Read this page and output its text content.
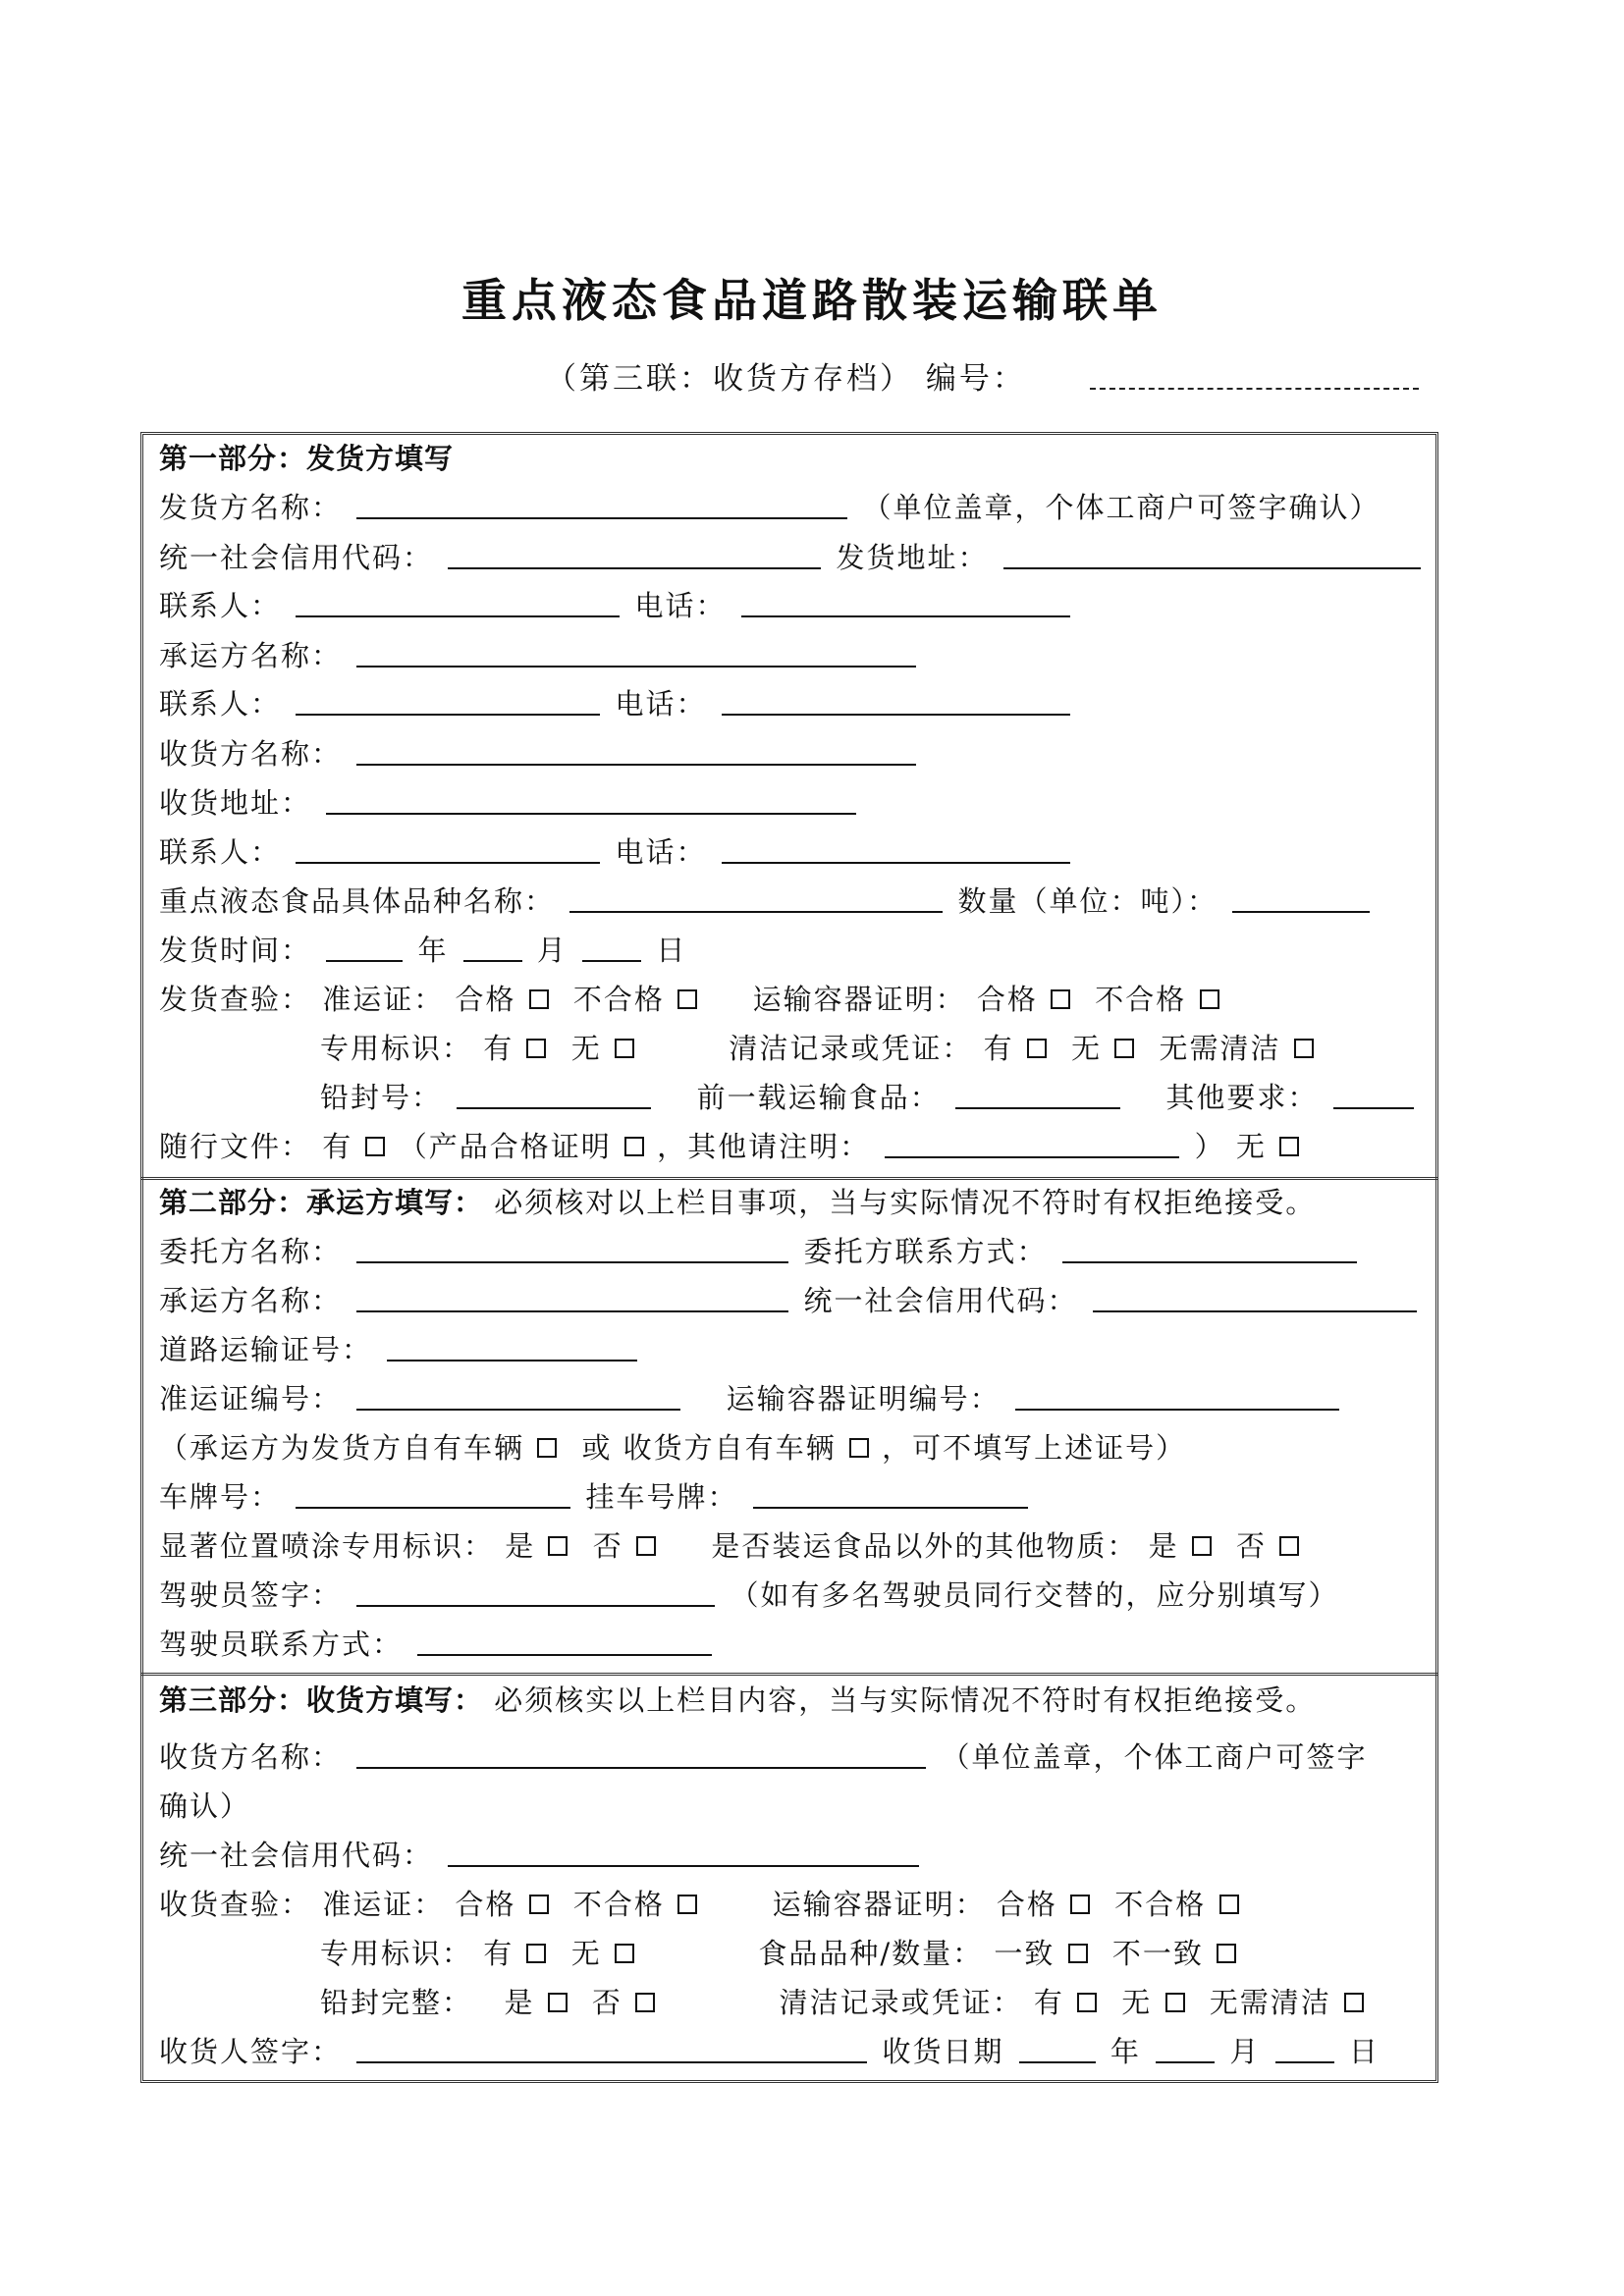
重点液态食品道路散装运输联单
（第三联：收货方存档） 编号：
第一部分：发货方填写
发货方名称：	（单位盖章，个体工商户可签字确认）
统一社会信用代码：	发货地址：
联系人：	电话：
承运方名称：
联系人：	电话：
收货方名称：
收货地址：
联系人：	电话：
重点液态食品具体品种名称：	数量（单位：吨）：
发货时间：	年	月	日
发货查验： 准运证： 合格 不合格	运输容器证明： 合格 不合格
专用标识： 有 无	清洁记录或凭证： 有 无 无需清洁
铅封号：	前一载运输食品：	其他要求：
随行文件： 有 （产品合格证明 ，其他请注明：	） 无
第二部分：承运方填写： 必须核对以上栏目事项，当与实际情况不符时有权拒绝接受。
委托方名称：	委托方联系方式：
承运方名称：	统一社会信用代码：
道路运输证号：
准运证编号：	运输容器证明编号：
（承运方为发货方自有车辆 或 收货方自有车辆 ，可不填写上述证号）
车牌号：	挂车号牌：
显著位置喷涂专用标识： 是 否	是否装运食品以外的其他物质： 是 否
驾驶员签字：	（如有多名驾驶员同行交替的，应分别填写）
驾驶员联系方式：
第三部分：收货方填写： 必须核实以上栏目内容，当与实际情况不符时有权拒绝接受。
收货方名称：	（单位盖章，个体工商户可签字
确认）
统一社会信用代码：
收货查验： 准运证： 合格 不合格	运输容器证明： 合格 不合格
专用标识： 有 无	食品品种/数量： 一致 不一致
铅封完整： 是 否	清洁记录或凭证： 有 无 无需清洁
收货人签字：	收货日期	年	月	日
